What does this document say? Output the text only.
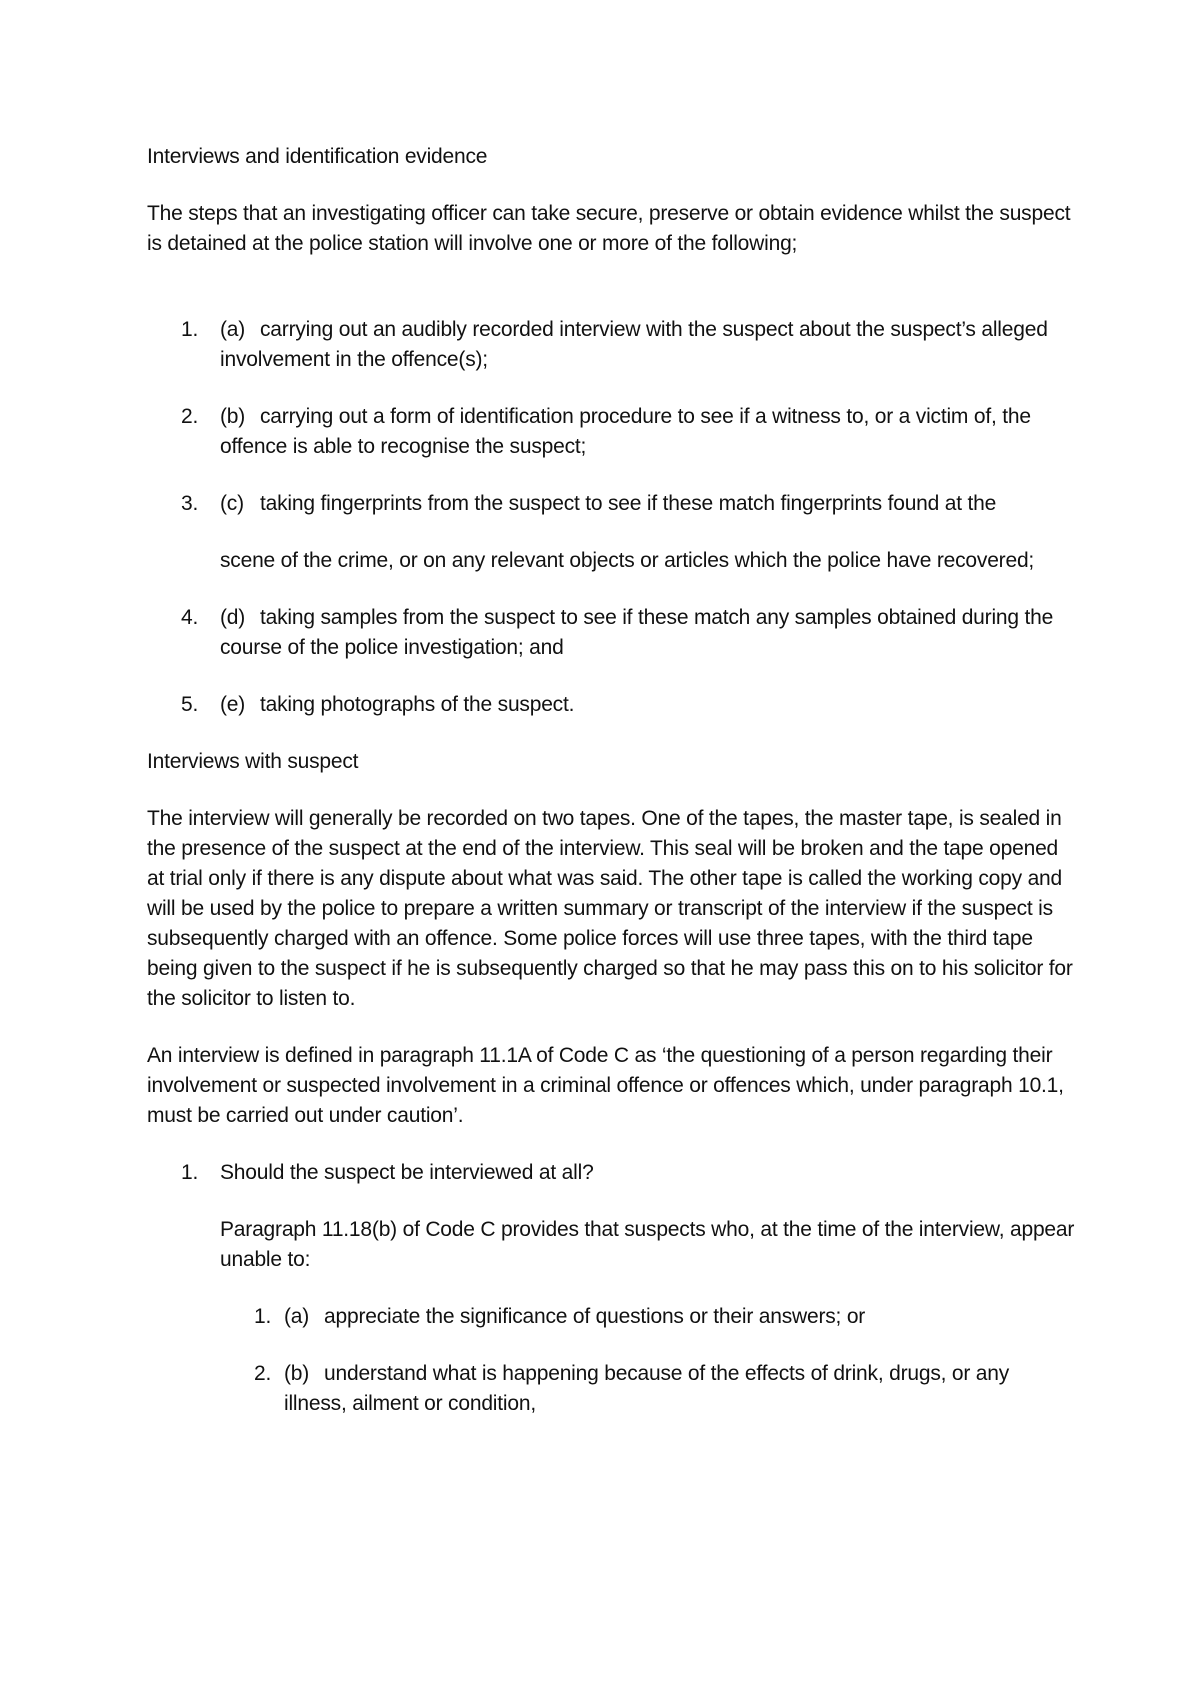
Interviews and identification evidence

The steps that an investigating officer can take secure, preserve or obtain evidence whilst the suspect is detained at the police station will involve one or more of the following;

1. (a) carrying out an audibly recorded interview with the suspect about the suspect’s alleged involvement in the offence(s);
2. (b) carrying out a form of identification procedure to see if a witness to, or a victim of, the offence is able to recognise the suspect;
3. (c) taking fingerprints from the suspect to see if these match fingerprints found at the

scene of the crime, or on any relevant objects or articles which the police have recovered;

4. (d) taking samples from the suspect to see if these match any samples obtained during the course of the police investigation; and
5. (e) taking photographs of the suspect.

Interviews with suspect

The interview will generally be recorded on two tapes. One of the tapes, the master tape, is sealed in the presence of the suspect at the end of the interview. This seal will be broken and the tape opened at trial only if there is any dispute about what was said. The other tape is called the working copy and will be used by the police to prepare a written summary or transcript of the interview if the suspect is subsequently charged with an offence. Some police forces will use three tapes, with the third tape being given to the suspect if he is subsequently charged so that he may pass this on to his solicitor for the solicitor to listen to.

An interview is defined in paragraph 11.1A of Code C as ‘the questioning of a person regarding their involvement or suspected involvement in a criminal offence or offences which, under paragraph 10.1, must be carried out under caution’.

1. Should the suspect be interviewed at all?

Paragraph 11.18(b) of Code C provides that suspects who, at the time of the interview, appear unable to:

1. (a) appreciate the significance of questions or their answers; or
2. (b) understand what is happening because of the effects of drink, drugs, or any illness, ailment or condition,
